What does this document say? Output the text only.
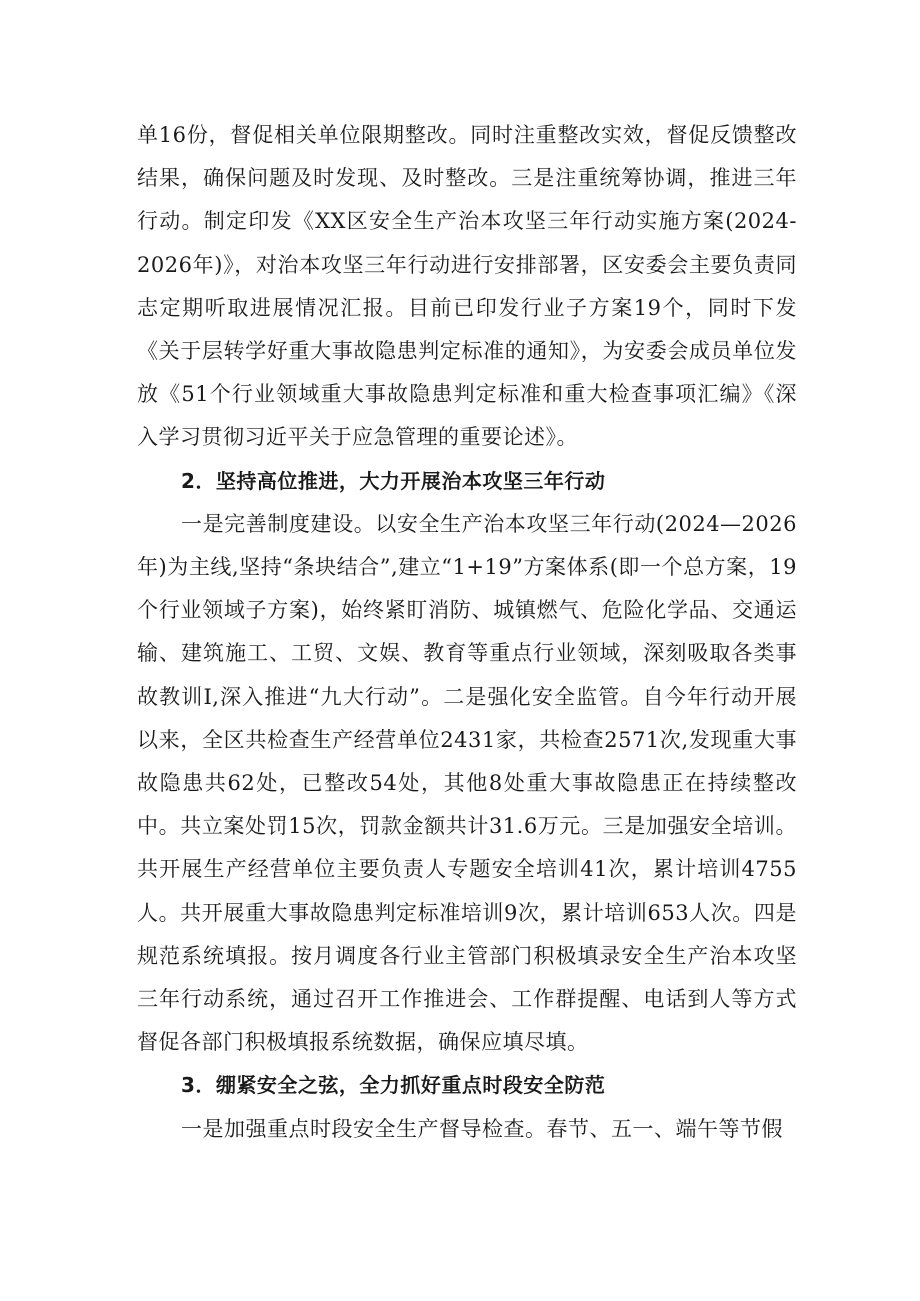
单16份，督促相关单位限期整改。同时注重整改实效，督促反馈整改结果，确保问题及时发现、及时整改。三是注重统筹协调，推进三年行动。制定印发《XX区安全生产治本攻坚三年行动实施方案(2024-2026年)》，对治本攻坚三年行动进行安排部署，区安委会主要负责同志定期听取进展情况汇报。目前已印发行业子方案19个，同时下发《关于层转学好重大事故隐患判定标准的通知》，为安委会成员单位发放《51个行业领域重大事故隐患判定标准和重大检查事项汇编》《深入学习贯彻习近平关于应急管理的重要论述》。

2．坚持高位推进，大力开展治本攻坚三年行动

一是完善制度建设。以安全生产治本攻坚三年行动(2024—2026年)为主线,坚持“条块结合”,建立“1+19”方案体系(即一个总方案，19个行业领域子方案)，始终紧盯消防、城镇燃气、危险化学品、交通运输、建筑施工、工贸、文娱、教育等重点行业领域，深刻吸取各类事故教训I,深入推进“九大行动”。二是强化安全监管。自今年行动开展以来，全区共检查生产经营单位2431家，共检查2571次,发现重大事故隐患共62处，已整改54处，其他8处重大事故隐患正在持续整改中。共立案处罚15次，罚款金额共计31.6万元。三是加强安全培训。共开展生产经营单位主要负责人专题安全培训41次，累计培训4755人。共开展重大事故隐患判定标准培训9次，累计培训653人次。四是规范系统填报。按月调度各行业主管部门积极填录安全生产治本攻坚三年行动系统，通过召开工作推进会、工作群提醒、电话到人等方式督促各部门积极填报系统数据，确保应填尽填。

3．绷紧安全之弦，全力抓好重点时段安全防范

一是加强重点时段安全生产督导检查。春节、五一、端午等节假
